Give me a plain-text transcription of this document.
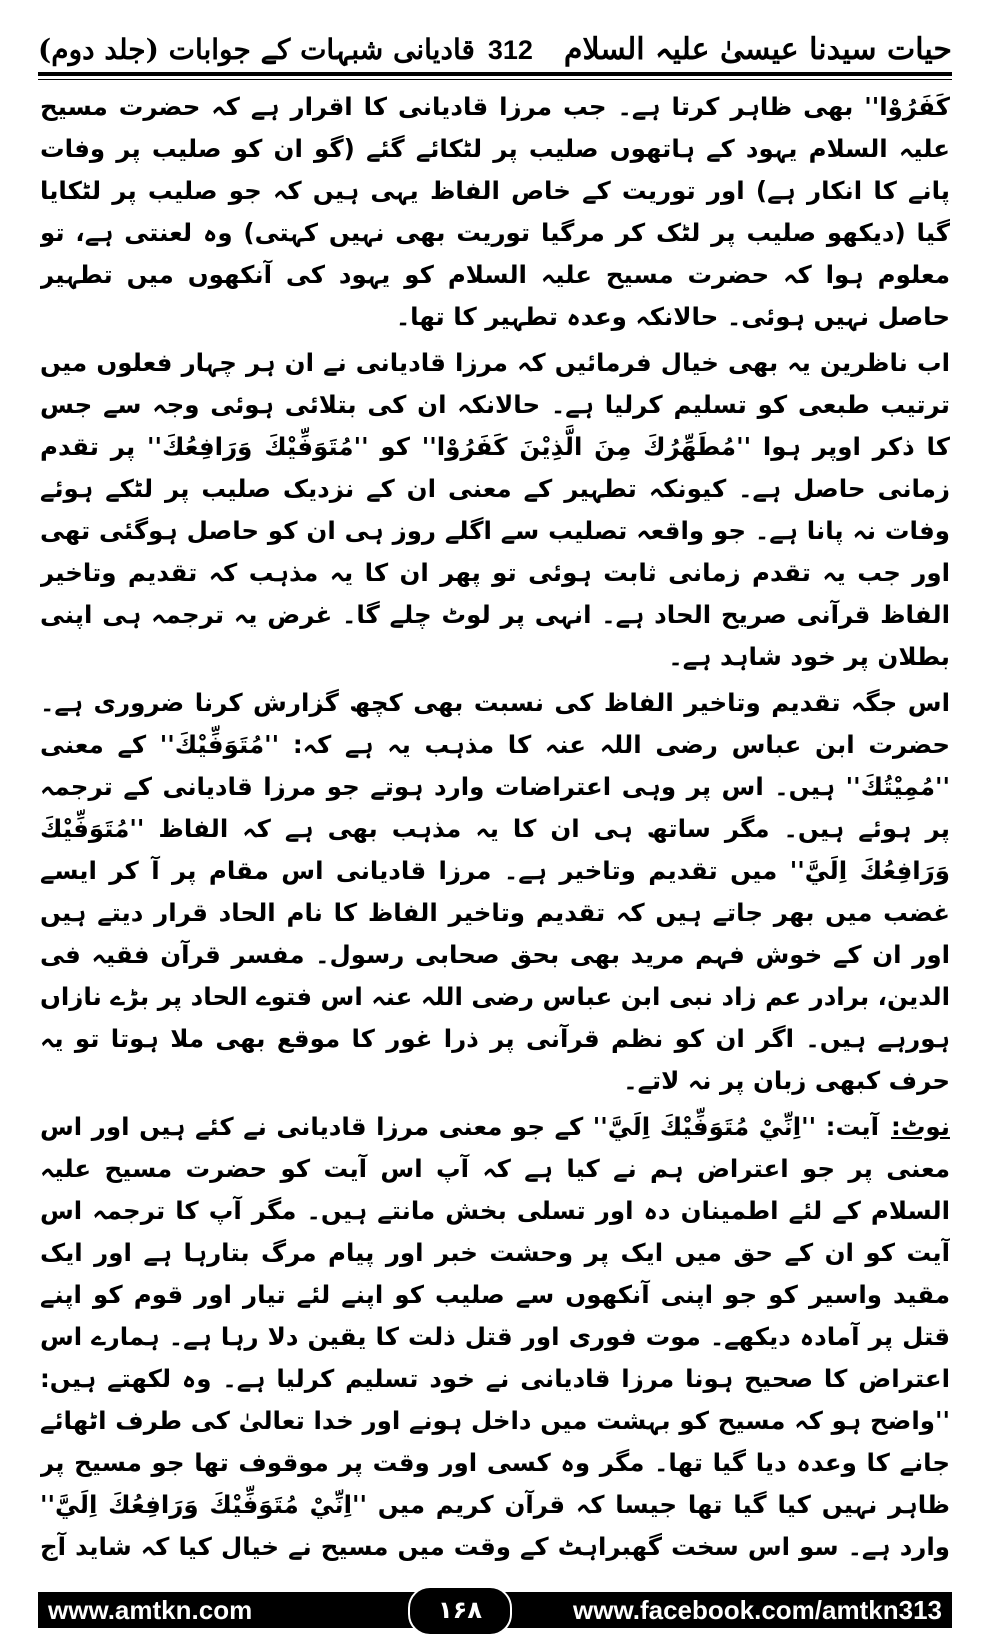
حیات سیدنا عیسیٰ علیہ السلام
312
قادیانی شبہات کے جوابات (جلد دوم)

کَفَرُوْا'' بھی ظاہر کرتا ہے۔ جب مرزا قادیانی کا اقرار ہے کہ حضرت مسیح علیہ السلام یہود کے ہاتھوں صلیب پر لٹکائے گئے (گو ان کو صلیب پر وفات پانے کا انکار ہے) اور توریت کے خاص الفاظ یہی ہیں کہ جو صلیب پر لٹکایا گیا (دیکھو صلیب پر لٹک کر مرگیا توریت بھی نہیں کہتی) وہ لعنتی ہے، تو معلوم ہوا کہ حضرت مسیح علیہ السلام کو یہود کی آنکھوں میں تطہیر حاصل نہیں ہوئی۔ حالانکہ وعدہ تطہیر کا تھا۔

اب ناظرین یہ بھی خیال فرمائیں کہ مرزا قادیانی نے ان ہر چہار فعلوں میں ترتیب طبعی کو تسلیم کرلیا ہے۔ حالانکہ ان کی بتلائی ہوئی وجہ سے جس کا ذکر اوپر ہوا ''مُطَهِّرُكَ مِنَ الَّذِيْنَ كَفَرُوْا'' کو ''مُتَوَفِّيْكَ وَرَافِعُكَ'' پر تقدم زمانی حاصل ہے۔ کیونکہ تطہیر کے معنی ان کے نزدیک صلیب پر لٹکے ہوئے وفات نہ پانا ہے۔ جو واقعہ تصلیب سے اگلے روز ہی ان کو حاصل ہوگئی تھی اور جب یہ تقدم زمانی ثابت ہوئی تو پھر ان کا یہ مذہب کہ تقدیم وتاخیر الفاظ قرآنی صریح الحاد ہے۔ انہی پر لوٹ چلے گا۔ غرض یہ ترجمہ ہی اپنی بطلان پر خود شاہد ہے۔

اس جگہ تقدیم وتاخیر الفاظ کی نسبت بھی کچھ گزارش کرنا ضروری ہے۔ حضرت ابن عباس رضی اللہ عنہ کا مذہب یہ ہے کہ: ''مُتَوَفِّيْكَ'' کے معنی ''مُمِيْتُكَ'' ہیں۔ اس پر وہی اعتراضات وارد ہوتے جو مرزا قادیانی کے ترجمہ پر ہوئے ہیں۔ مگر ساتھ ہی ان کا یہ مذہب بھی ہے کہ الفاظ ''مُتَوَفِّيْكَ وَرَافِعُكَ اِلَيَّ'' میں تقدیم وتاخیر ہے۔ مرزا قادیانی اس مقام پر آ کر ایسے غضب میں بھر جاتے ہیں کہ تقدیم وتاخیر الفاظ کا نام الحاد قرار دیتے ہیں اور ان کے خوش فہم مرید بھی بحق صحابی رسول۔ مفسر قرآن فقیہ فی الدین، برادر عم زاد نبی ابن عباس رضی اللہ عنہ اس فتوے الحاد پر بڑے نازاں ہورہے ہیں۔ اگر ان کو نظم قرآنی پر ذرا غور کا موقع بھی ملا ہوتا تو یہ حرف کبھی زبان پر نہ لاتے۔

نوٹ:آیت: ''اِنِّيْ مُتَوَفِّيْكَ اِلَيَّ'' کے جو معنی مرزا قادیانی نے کئے ہیں اور اس معنی پر جو اعتراض ہم نے کیا ہے کہ آپ اس آیت کو حضرت مسیح علیہ السلام کے لئے اطمینان دہ اور تسلی بخش مانتے ہیں۔ مگر آپ کا ترجمہ اس آیت کو ان کے حق میں ایک پر وحشت خبر اور پیام مرگ بتارہا ہے اور ایک مقید واسیر کو جو اپنی آنکھوں سے صلیب کو اپنے لئے تیار اور قوم کو اپنے قتل پر آمادہ دیکھے۔ موت فوری اور قتل ذلت کا یقین دلا رہا ہے۔ ہمارے اس اعتراض کا صحیح ہونا مرزا قادیانی نے خود تسلیم کرلیا ہے۔ وہ لکھتے ہیں: ''واضح ہو کہ مسیح کو بہشت میں داخل ہونے اور خدا تعالیٰ کی طرف اٹھائے جانے کا وعدہ دیا گیا تھا۔ مگر وہ کسی اور وقت پر موقوف تھا جو مسیح پر ظاہر نہیں کیا گیا تھا جیسا کہ قرآن کریم میں ''اِنِّيْ مُتَوَفِّيْكَ وَرَافِعُكَ اِلَيَّ'' وارد ہے۔ سو اس سخت گھبراہٹ کے وقت میں مسیح نے خیال کیا کہ شاید آج

www.amtkn.com	۱۶۸	www.facebook.com/amtkn313
